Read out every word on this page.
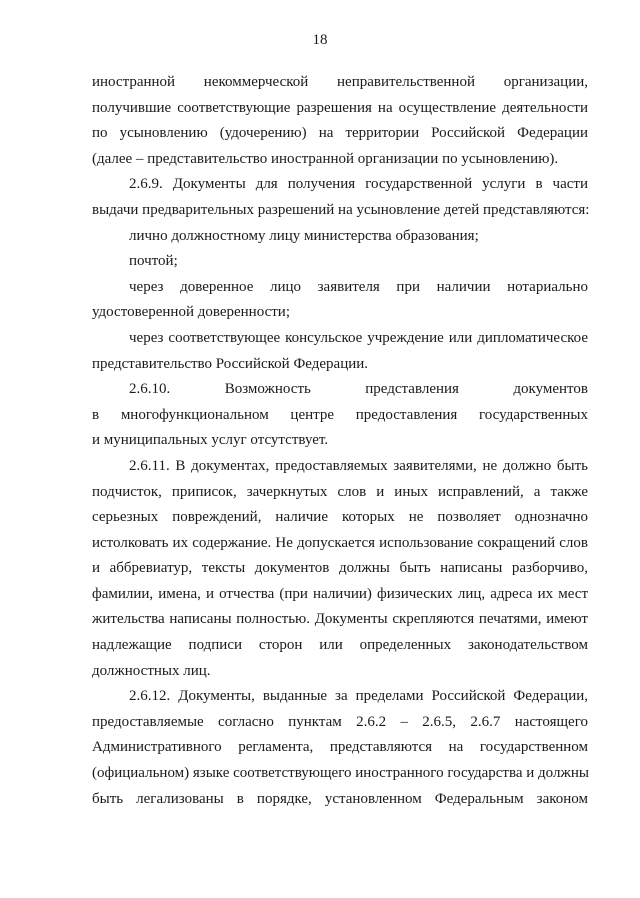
18
иностранной некоммерческой неправительственной организации,
получившие соответствующие разрешения на осуществление деятельности
по усыновлению (удочерению) на территории Российской Федерации
(далее – представительство иностранной организации по усыновлению).
2.6.9. Документы для получения государственной услуги в части
выдачи предварительных разрешений на усыновление детей представляются:
лично должностному лицу министерства образования;
почтой;
через доверенное лицо заявителя при наличии нотариально
удостоверенной доверенности;
через соответствующее консульское учреждение или дипломатическое
представительство Российской Федерации.
2.6.10. Возможность представления документов
в многофункциональном центре предоставления государственных
и муниципальных услуг отсутствует.
2.6.11. В документах, предоставляемых заявителями, не должно быть
подчисток, приписок, зачеркнутых слов и иных исправлений, а также
серьезных повреждений, наличие которых не позволяет однозначно
истолковать их содержание. Не допускается использование сокращений слов
и аббревиатур, тексты документов должны быть написаны разборчиво,
фамилии, имена, и отчества (при наличии) физических лиц, адреса их мест
жительства написаны полностью. Документы скрепляются печатями, имеют
надлежащие подписи сторон или определенных законодательством
должностных лиц.
2.6.12. Документы, выданные за пределами Российской Федерации,
предоставляемые согласно пунктам 2.6.2 – 2.6.5, 2.6.7 настоящего
Административного регламента, представляются на государственном
(официальном) языке соответствующего иностранного государства и должны
быть легализованы в порядке, установленном Федеральным законом
